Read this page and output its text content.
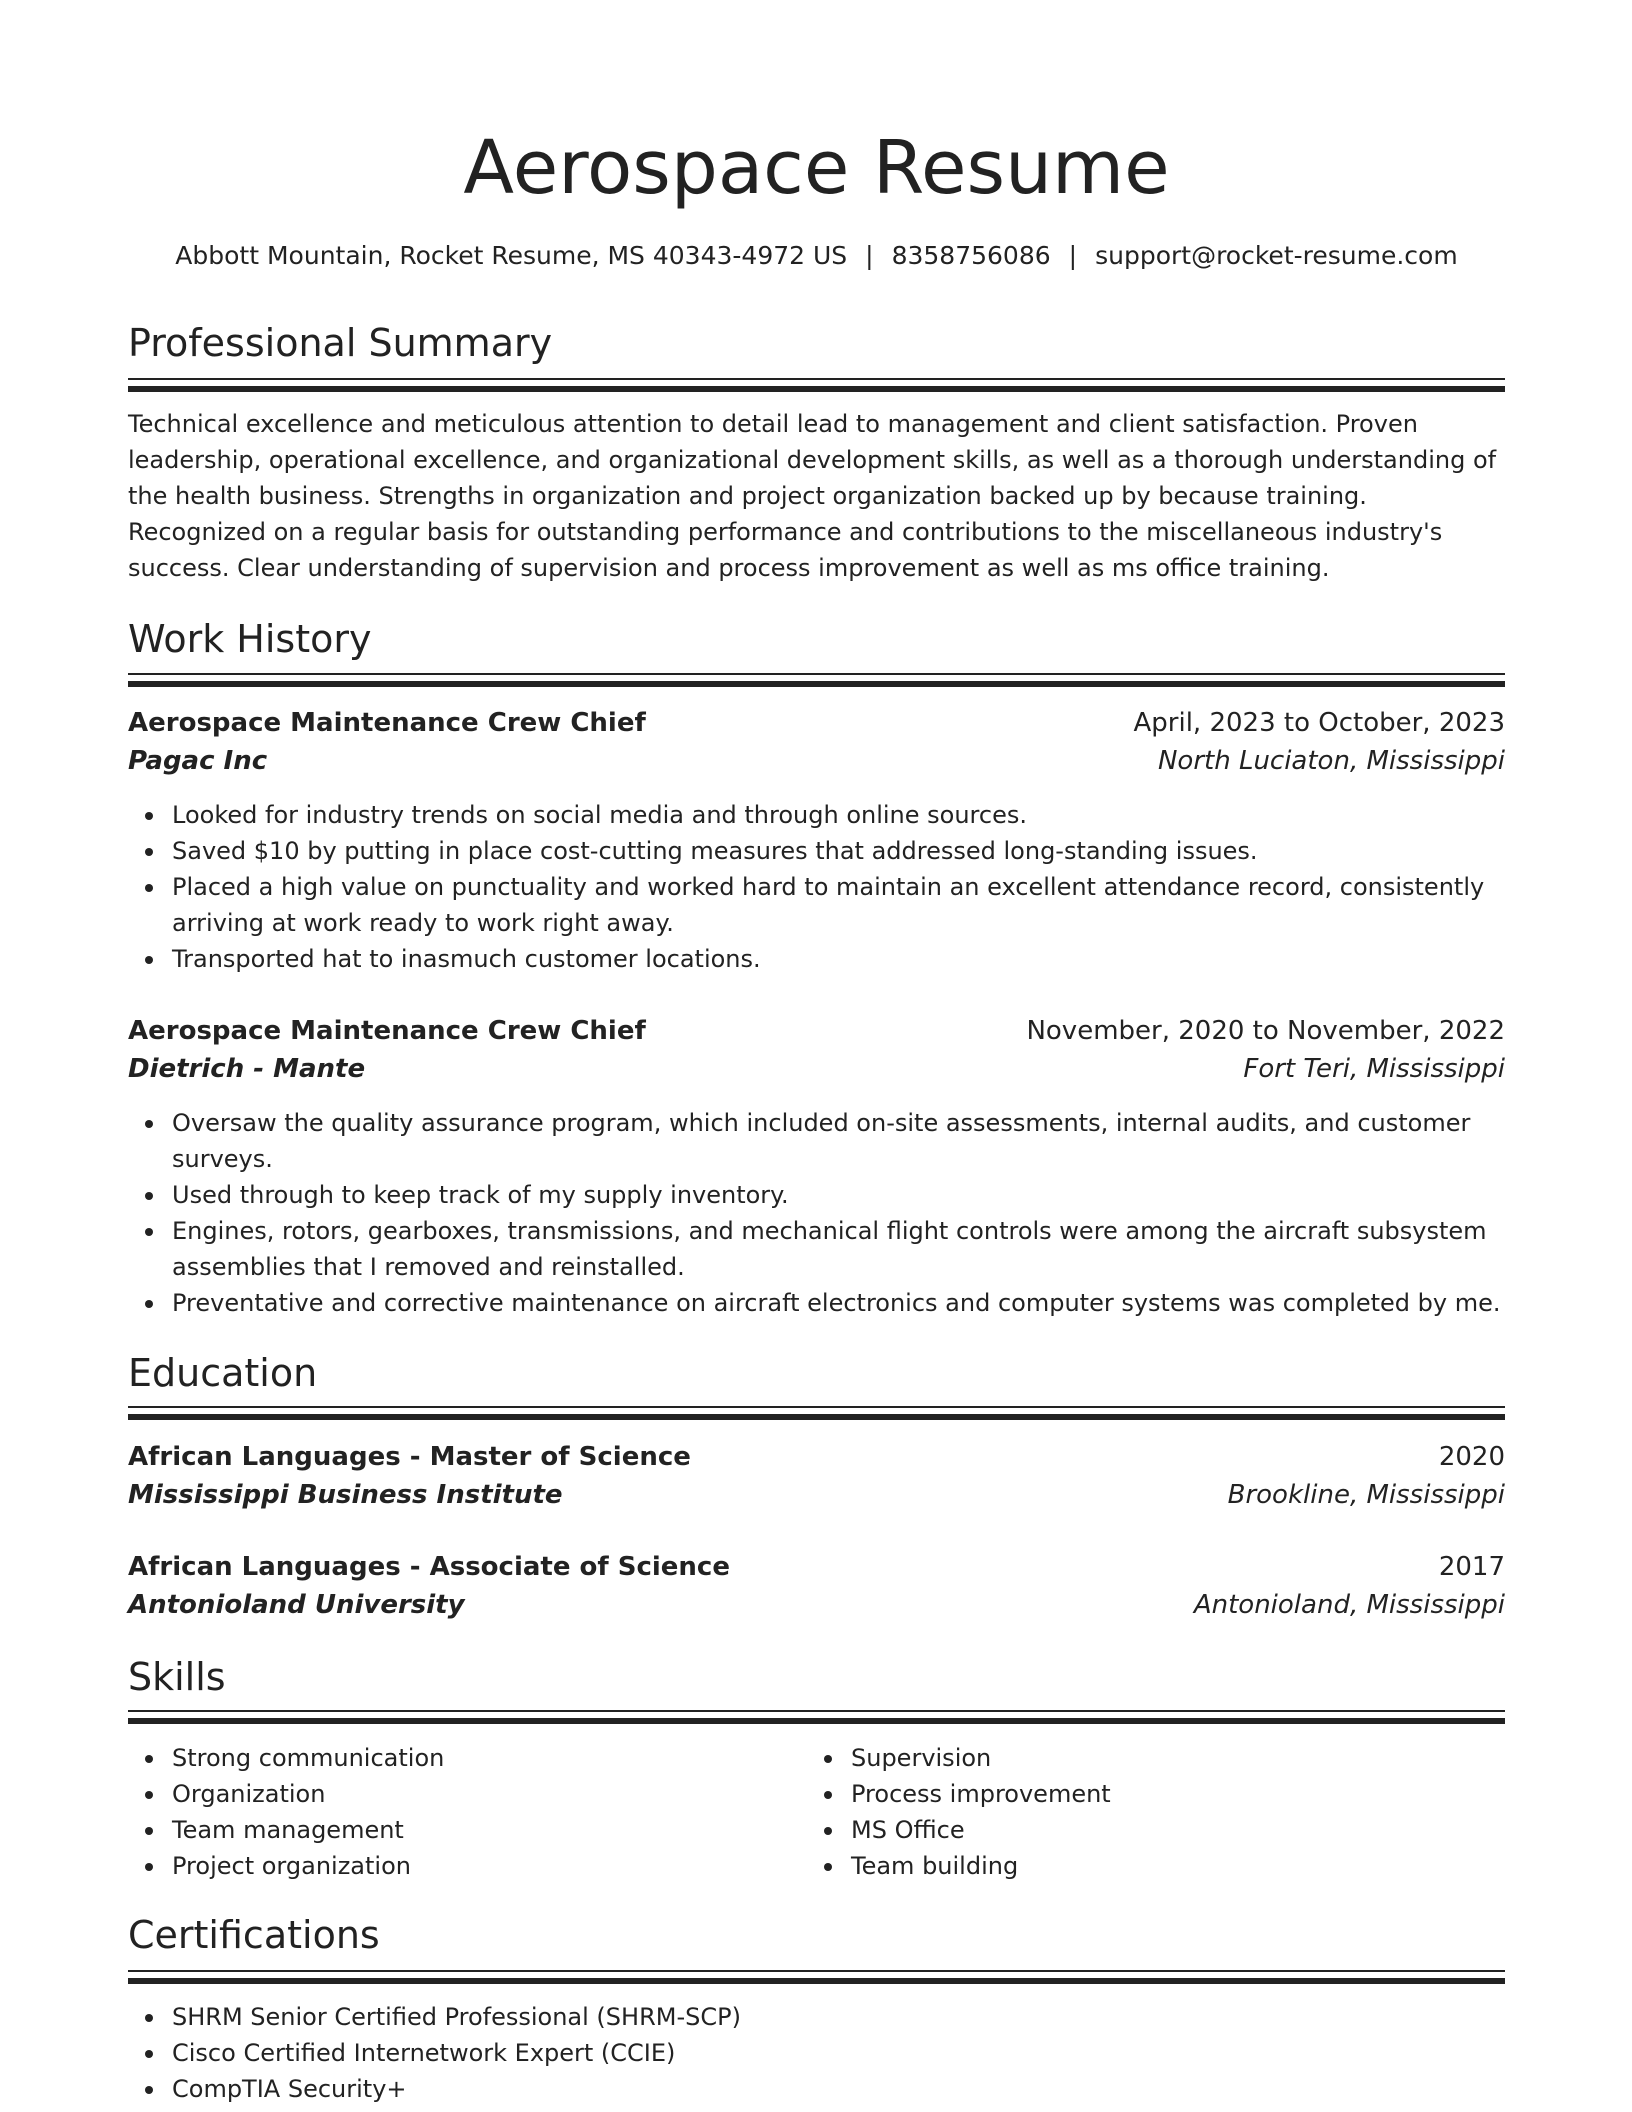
Aerospace Resume
Abbott Mountain, Rocket Resume, MS 40343-4972 US | 8358756086 | support@rocket-resume.com
Professional Summary

Technical excellence and meticulous attention to detail lead to management and client satisfaction. Proven leadership, operational excellence, and organizational development skills, as well as a thorough understanding of the health business. Strengths in organization and project organization backed up by because training. Recognized on a regular basis for outstanding performance and contributions to the miscellaneous industry's success. Clear understanding of supervision and process improvement as well as ms office training.

Work History
Aerospace Maintenance Crew Chief	April, 2023 to October, 2023
Pagac Inc	North Luciaton, Mississippi
Looked for industry trends on social media and through online sources.
Saved $10 by putting in place cost-cutting measures that addressed long-standing issues.
Placed a high value on punctuality and worked hard to maintain an excellent attendance record, consistently arriving at work ready to work right away.
Transported hat to inasmuch customer locations.
Aerospace Maintenance Crew Chief	November, 2020 to November, 2022
Dietrich - Mante	Fort Teri, Mississippi
Oversaw the quality assurance program, which included on-site assessments, internal audits, and customer surveys.
Used through to keep track of my supply inventory.
Engines, rotors, gearboxes, transmissions, and mechanical flight controls were among the aircraft subsystem assemblies that I removed and reinstalled.
Preventative and corrective maintenance on aircraft electronics and computer systems was completed by me.
Education
African Languages - Master of Science	2020
Mississippi Business Institute	Brookline, Mississippi
African Languages - Associate of Science	2017
Antonioland University	Antonioland, Mississippi
Skills
Strong communication
Organization
Team management
Project organization
Supervision
Process improvement
MS Office
Team building
Certifications
SHRM Senior Certified Professional (SHRM-SCP)
Cisco Certified Internetwork Expert (CCIE)
CompTIA Security+
